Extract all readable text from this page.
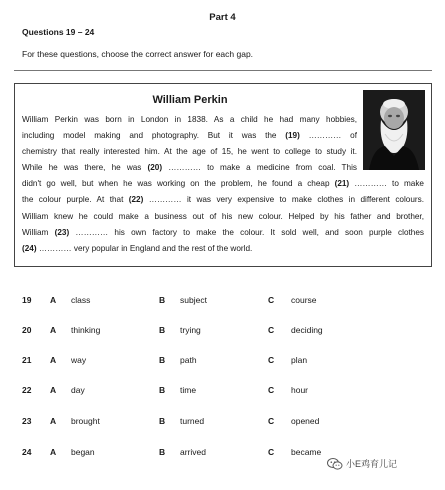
Part 4
Questions 19 – 24
For these questions, choose the correct answer for each gap.
William Perkin
William Perkin was born in London in 1838. As a child he had many hobbies,
including model making and photography. But it was the (19) ………… of
chemistry that really interested him. At the age of 15, he went to college to study it.
While he was there, he was (20) ………… to make a medicine from coal. This
didn't go well, but when he was working on the problem, he found a cheap (21) ………… to make
the colour purple. At that (22) ………… it was very expensive to make clothes in different colours.
William knew he could make a business out of his new colour. Helped by his father and brother,
William (23) ………… his own factory to make the colour. It sold well, and soon purple clothes
(24) ………… very popular in England and the rest of the world.
19 A class	B subject	C course
20 A thinking	B trying	C deciding
21 A way	B path	C plan
22 A day	B time	C hour
23 A brought	B turned	C opened
24 A began	B arrived	C became
小E鸡育儿记
